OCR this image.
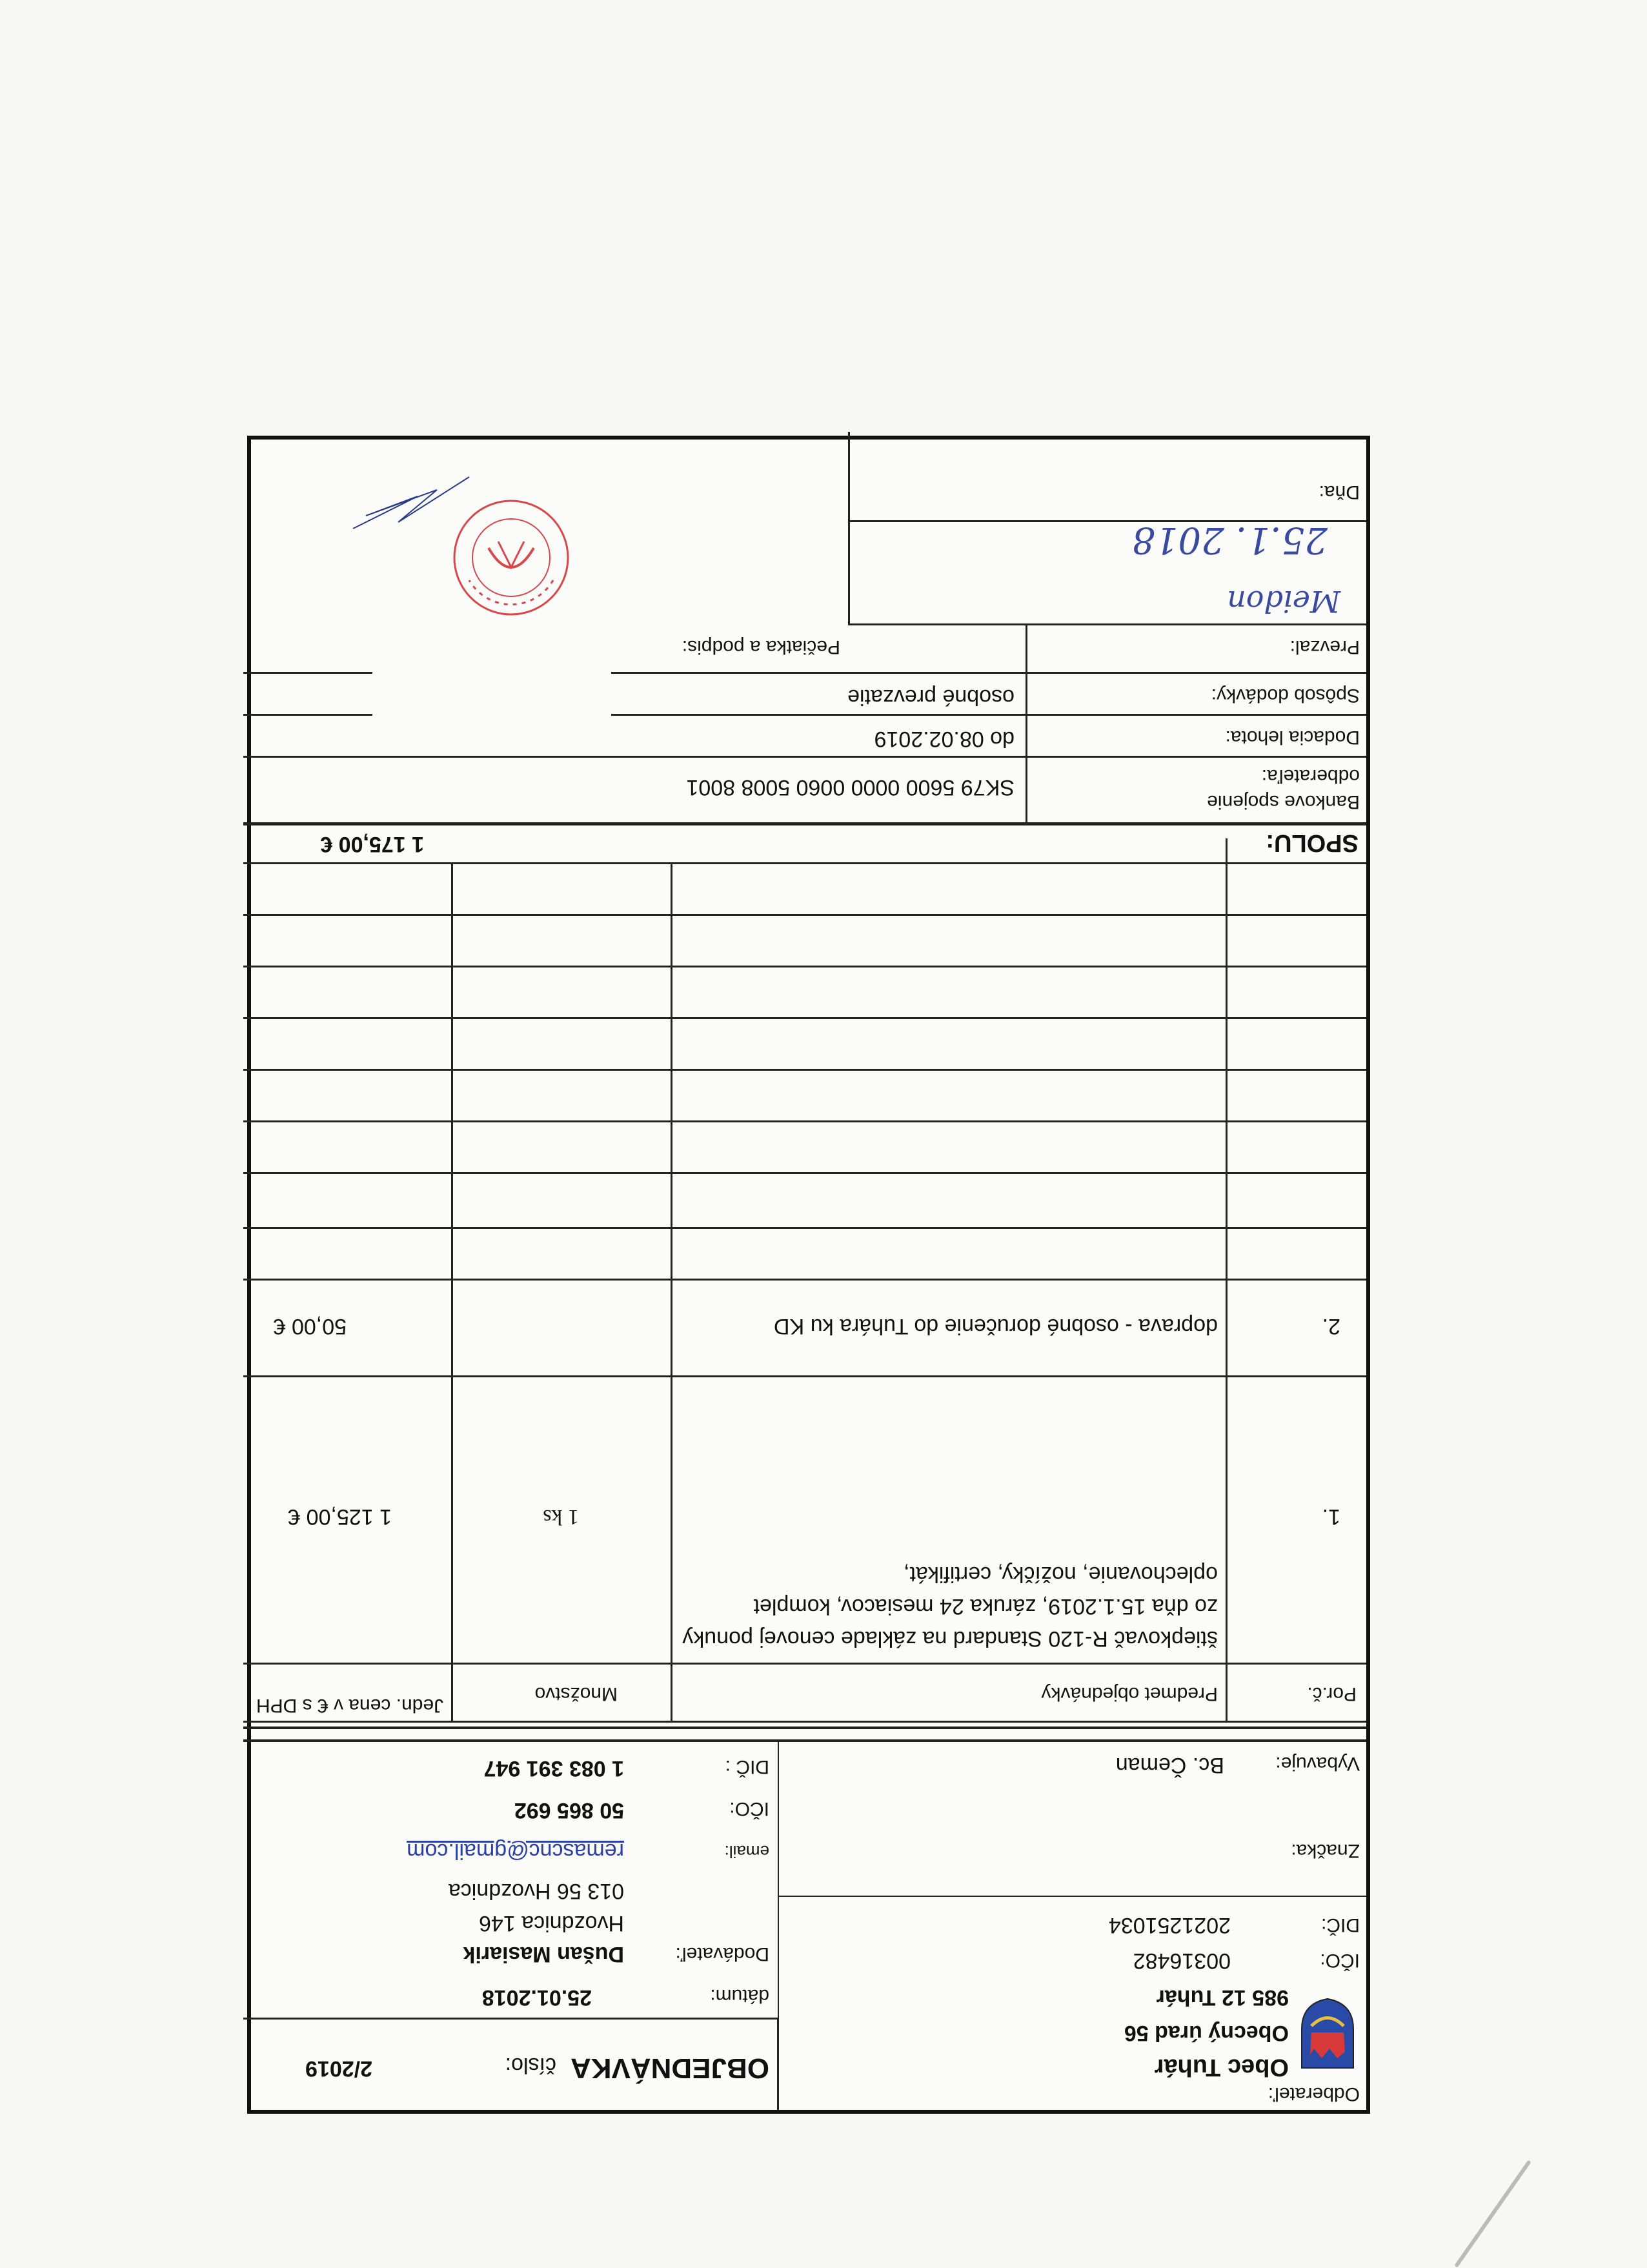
Odberateľ:
Obec Tuhár
Obecný úrad 56
985 12 Tuhár
OBJEDNÁVKA
číslo:
2/2019
dátum:
25.01.2018
IČO:
00316482
DIČ:
2021251034
Dodávateľ:
Dušan Masiarik
Hvozdnica 146
013 56 Hvozdnica
Značka:
Vybavuje:
Bc. Čeman
email:
remascnc@gmail.com
IČO:
50 865 692
DIČ :
1 083 391 947
Por.č.
Predmet objednávky
Množstvo
Jedn. cena v € s DPH
1.
štiepkovač R-120 Standard na základe cenovej ponuky zo dňa 15.1.2019, záruka 24 mesiacov, komplet oplechovanie, nožíčky, certifikát,
1 ks
1 125,00 €
2.
doprava - osobné doručenie do Tuhára ku KD
50,00 €
SPOLU:
1 175,00 €
Bankove spojenie
odberateľa:
SK79 5600 0000 0060 5008 8001
Dodacia lehota:
do 08.02.2019
Spôsob dodávky:
osobné prevzatie
Prevzal:
Meidon
Pečiatka a podpis:
Dňa:
25.1. 2018
